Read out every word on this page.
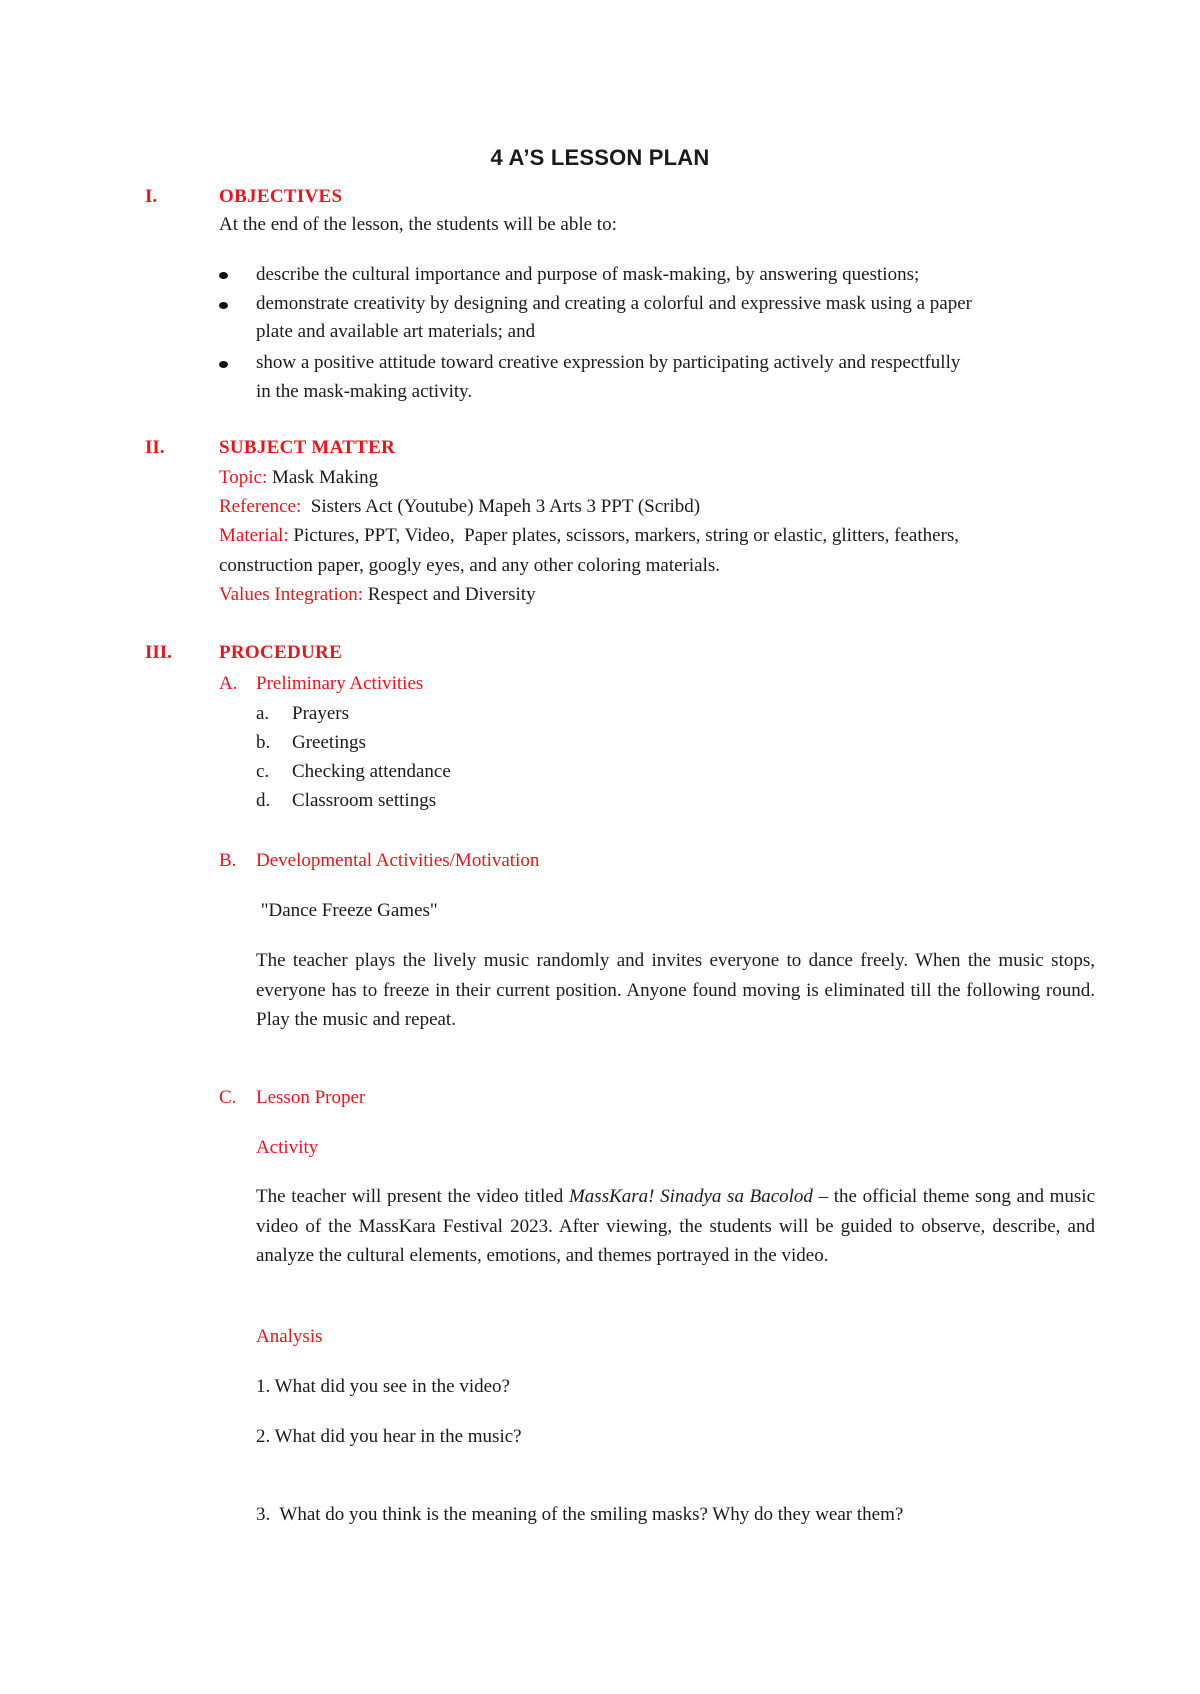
4 A’S LESSON PLAN
I.	OBJECTIVES
At the end of the lesson, the students will be able to:
describe the cultural importance and purpose of mask-making, by answering questions;
demonstrate creativity by designing and creating a colorful and expressive mask using a paper
plate and available art materials; and
show a positive attitude toward creative expression by participating actively and respectfully
in the mask-making activity.
II.	SUBJECT MATTER
Topic: Mask Making
Reference:  Sisters Act (Youtube) Mapeh 3 Arts 3 PPT (Scribd)
Material: Pictures, PPT, Video,  Paper plates, scissors, markers, string or elastic, glitters, feathers,
construction paper, googly eyes, and any other coloring materials.
Values Integration: Respect and Diversity
III. PROCEDURE
A. Preliminary Activities
a. Prayers
b. Greetings
c. Checking attendance
d. Classroom settings
B. Developmental Activities/Motivation
"Dance Freeze Games"
The teacher plays the lively music randomly and invites everyone to dance freely. When the music stops, everyone has to freeze in their current position. Anyone found moving is eliminated till the following round. Play the music and repeat.
C. Lesson Proper
Activity
The teacher will present the video titled MassKara! Sinadya sa Bacolod – the official theme song and music video of the MassKara Festival 2023. After viewing, the students will be guided to observe, describe, and analyze the cultural elements, emotions, and themes portrayed in the video.
Analysis
1. What did you see in the video?
2. What did you hear in the music?
3.  What do you think is the meaning of the smiling masks? Why do they wear them?
